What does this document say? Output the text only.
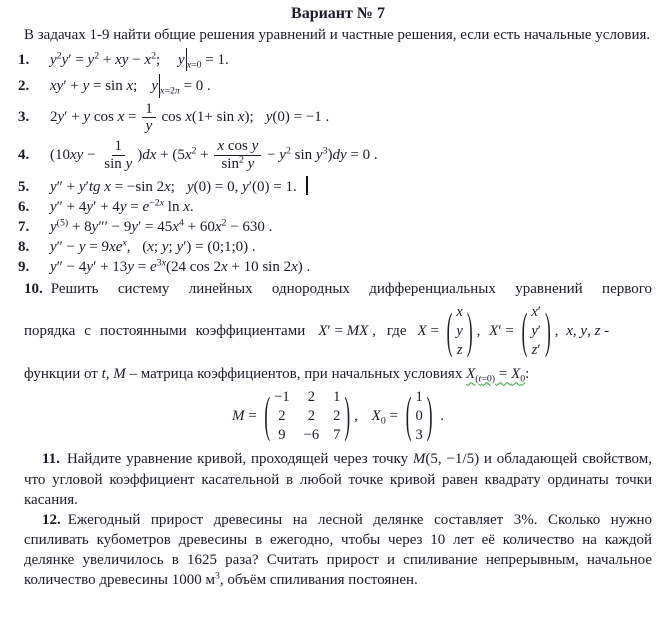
Вариант № 7
В задачах 1-9 найти общие решения уравнений и частные решения, если есть начальные условия.
1. $y^2y' = y^2$ + xy − $x^2$; y $_{x=0}$ = 1.
2. xy′ + y = sin x; y $_{x=2\pi}$ = 0 .
3. 2y′ + y $\cos x = \frac{1}{y}$ cos x(1+ sin x); y(0) = −1 .
4. $(10xy - \frac{1}{\text{sin y}} )dx + (5x^2 + \frac{\text{x cos y}}{\sin^2 y} - y^2$ $\sin y^3)dy = 0$ .
5. y″ + y′tg x = −sin 2x; y(0) = 0, y′(0) = 1.
6. $y'' + 4y' + 4y = e^{-2x}$ ln x.
7. $y^{(5)} + 8y''' - 9y' = 45x^4 + 60x^2 - 630$ .
8. $y'' - y = 9xe^x$, (x; y; y′) = (0;1;0) .
9. $y'' - 4y' + 13y = e^{3x}(24$ cos 2x + 10 sin 2x) .
10. Решить систему линейных однородных дифференциальных уравнений первого
порядка с постоянными коэффициентами X′ = MX , где X = ( x
y
z ) , X′ = ( x′
y′
z′ ) , x, y, z -
функции от t, M – матрица коэффициентов, при начальных условиях $X_{(t=0)} = X_0$:
M = ( −1 2 1
2 2 2
9 −6 7 ) , $X_0$ = ( 1
0
3 ) .
11. Найдите уравнение кривой, проходящей через точку M(5, −1/5) и обладающей свойством, что угловой коэффициент касательной в любой точке кривой равен квадрату ординаты точки касания.
12. Ежегодный прирост древесины на лесной делянке составляет 3%. Сколько нужно спиливать кубометров древесины в ежегодно, чтобы через 10 лет её количество на каждой делянке увеличилось в 1625 раза? Считать прирост и спиливание непрерывным, начальное количество древесины 1000 $м^3$, объём спиливания постоянен.
